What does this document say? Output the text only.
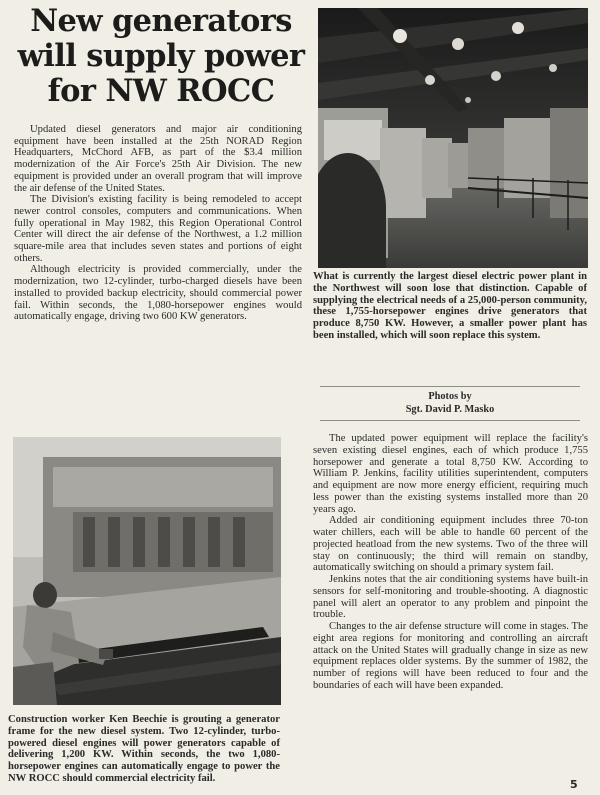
New generators
will supply power
for NW ROCC

Updated diesel generators and major air conditioning equipment have been installed at the 25th NORAD Region Headquarters, McChord AFB, as part of the $3.4 million modernization of the Air Force's 25th Air Division. The new equipment is provided under an overall program that will improve the air defense of the United States.

The Division's existing facility is being remodeled to accept newer control consoles, computers and communications. When fully operational in May 1982, this Region Operational Control Center will direct the air defense of the Northwest, a 1.2 million square-mile area that includes seven states and portions of eight others.

Although electricity is provided commercially, under the modernization, two 12-cylinder, turbo-charged diesels have been installed to provided backup electricity, should commercial power fail. Within seconds, the 1,080-horsepower engines would automatically engage, driving two 600 KW generators.

What is currently the largest diesel electric power plant in the Northwest will soon lose that distinction. Capable of supplying the electrical needs of a 25,000-person community, these 1,755-horsepower engines drive generators that produce 8,750 KW. However, a smaller power plant has been installed, which will soon replace this system.

Photos by
Sgt. David P. Masko

Construction worker Ken Beechie is grouting a generator frame for the new diesel system. Two 12-cylinder, turbo-powered diesel engines will power generators capable of delivering 1,200 KW. Within seconds, the two 1,080-horsepower engines can automatically engage to power the NW ROCC should commercial electricity fail.

The updated power equipment will replace the facility's seven existing diesel engines, each of which produce 1,755 horsepower and generate a total 8,750 KW. According to William P. Jenkins, facility utilities superintendent, computers and equipment are now more energy efficient, requiring much less power than the existing systems installed more than 20 years ago.

Added air conditioning equipment includes three 70-ton water chillers, each will be able to handle 60 percent of the projected heatload from the new systems. Two of the three will stay on continuously; the third will remain on standby, automatically switching on should a primary system fail.

Jenkins notes that the air conditioning systems have built-in sensors for self-monitoring and trouble-shooting. A diagnostic panel will alert an operator to any problem and pinpoint the trouble.

Changes to the air defense structure will come in stages. The eight area regions for monitoring and controlling an aircraft attack on the United States will gradually change in size as new equipment replaces older systems. By the summer of 1982, the number of regions will have been reduced to four and the boundaries of each will have been expanded.

5
